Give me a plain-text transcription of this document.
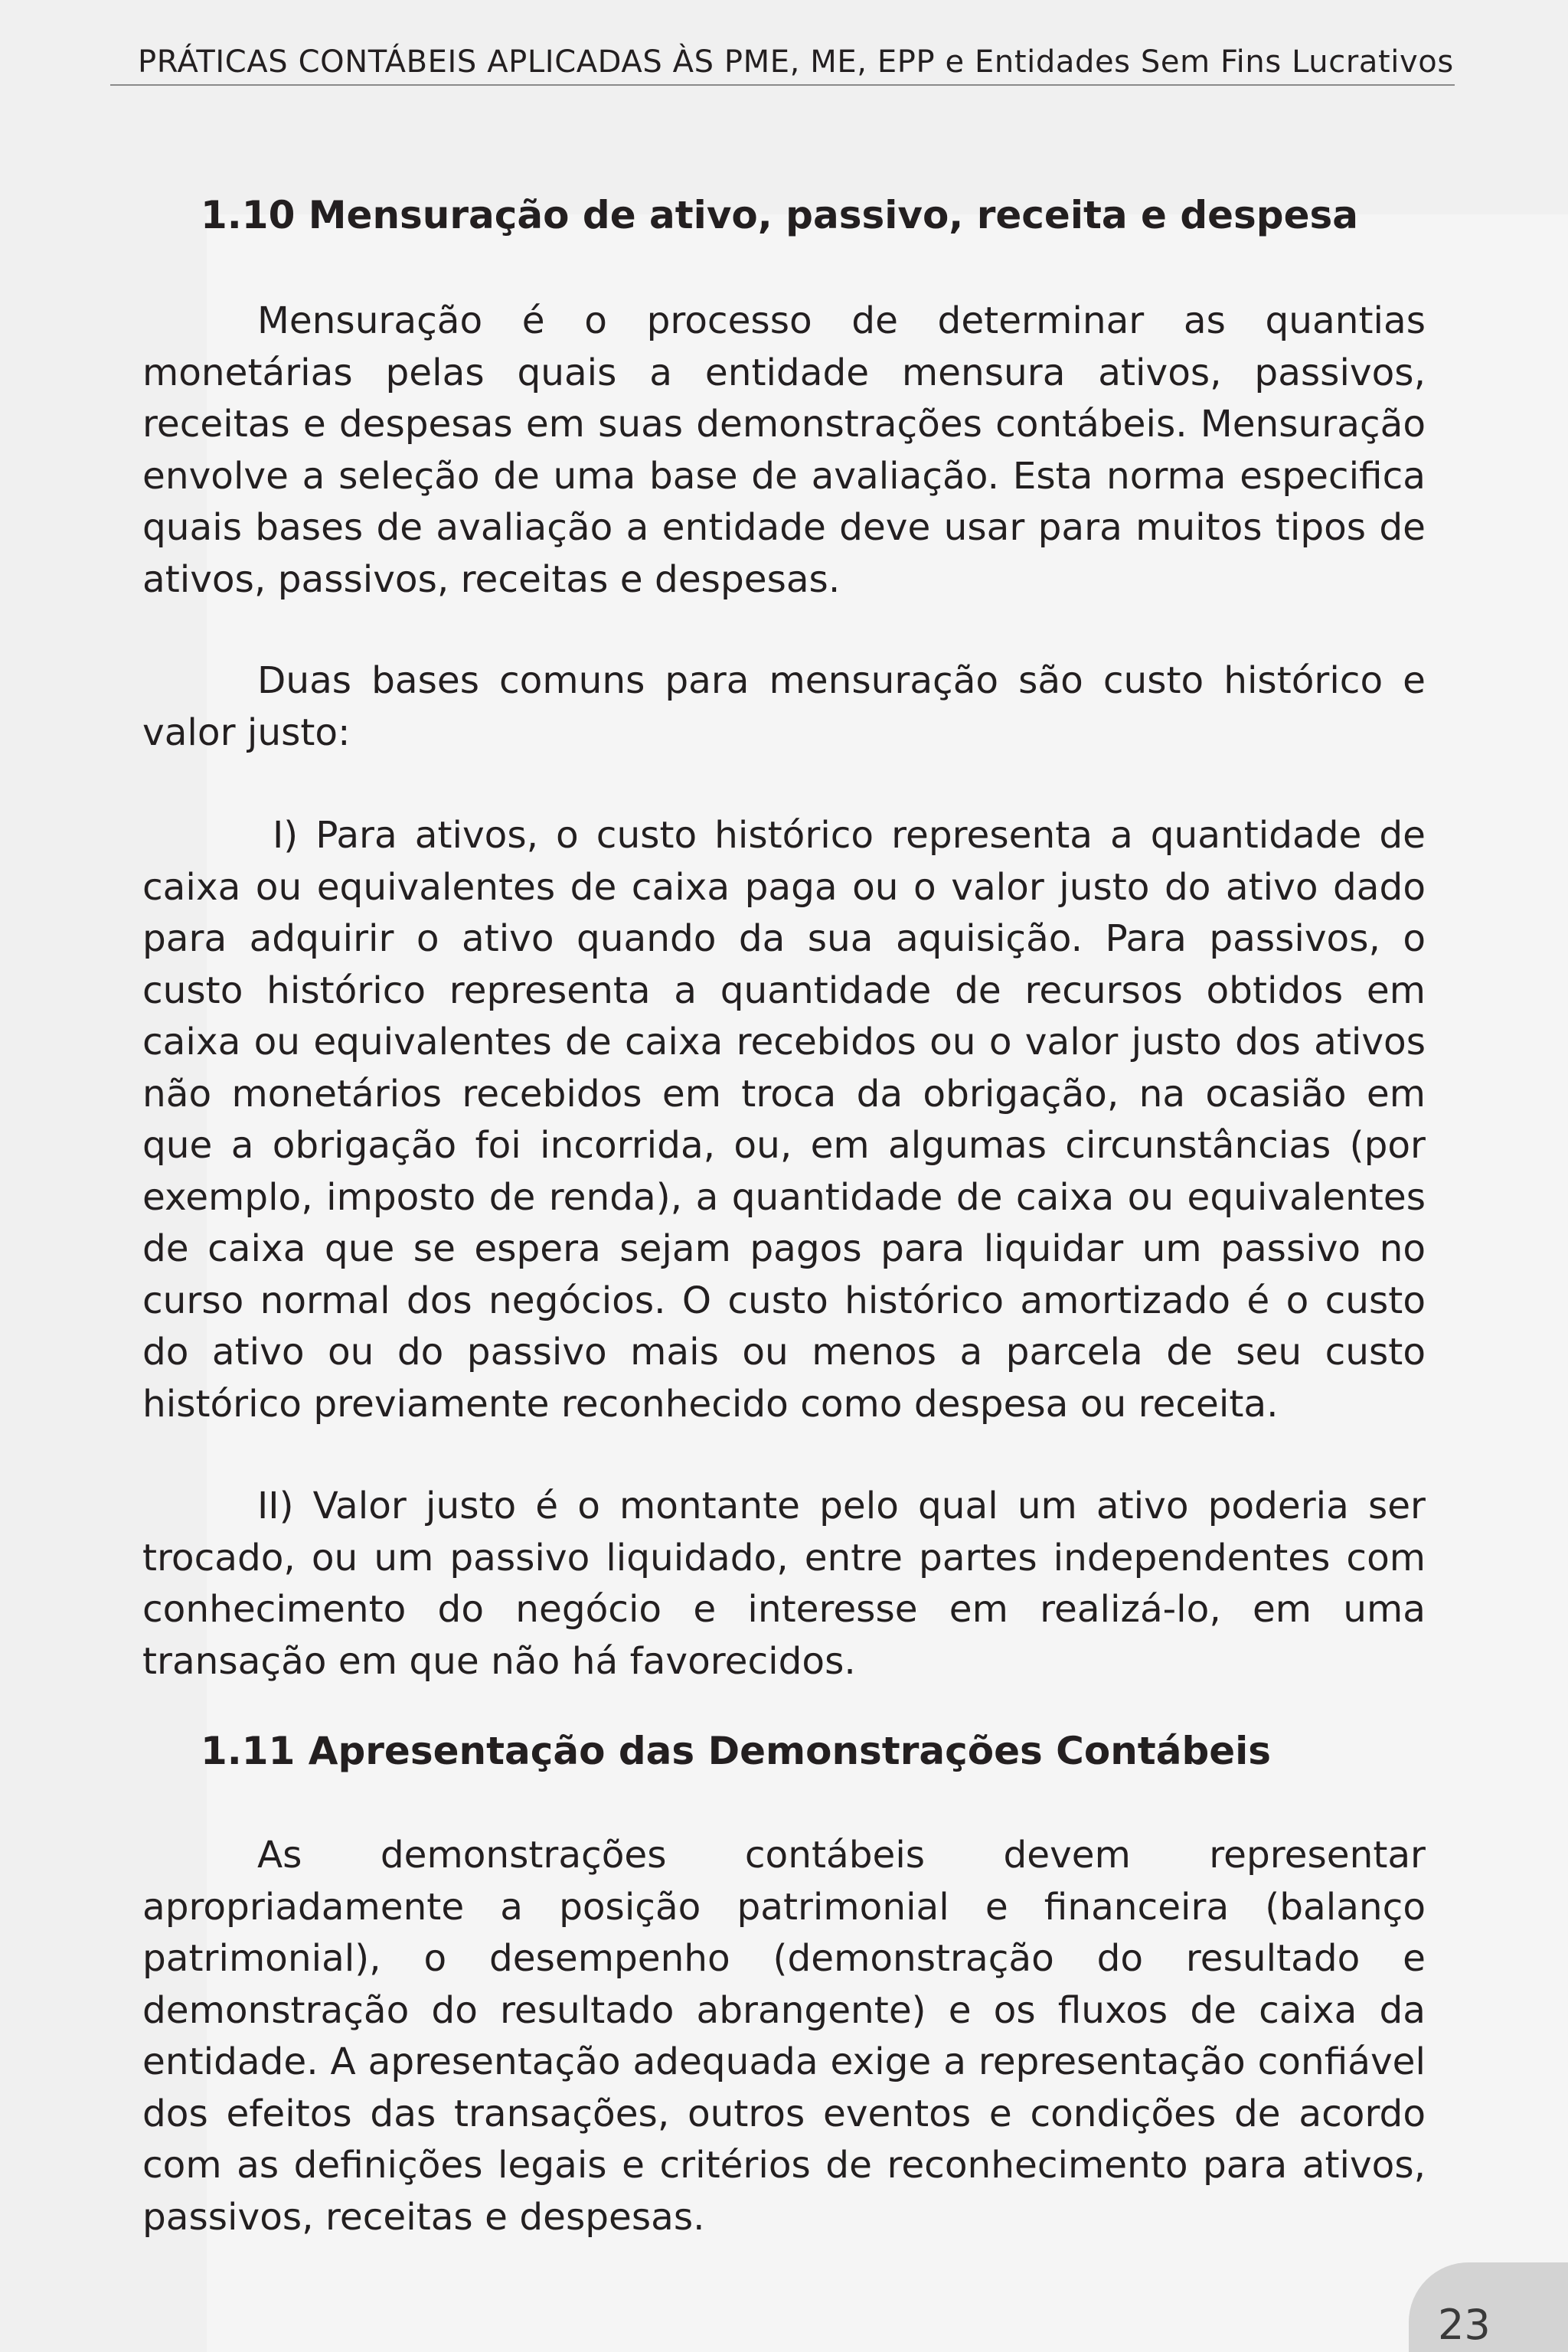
PRÁTICAS CONTÁBEIS APLICADAS ÀS PME, ME, EPP e Entidades Sem Fins Lucrativos
1.10 Mensuração de ativo, passivo, receita e despesa

Mensuração é o processo de determinar as quantias monetárias pelas quais a entidade mensura ativos, passivos, receitas e despesas em suas demonstrações contábeis. Mensuração envolve a seleção de uma base de avaliação. Esta norma especifica quais bases de avaliação a entidade deve usar para muitos tipos de ativos, passivos, receitas e despesas.

Duas bases comuns para mensuração são custo histórico e valor justo:

I) Para ativos, o custo histórico representa a quantidade de caixa ou equivalentes de caixa paga ou o valor justo do ativo dado para adquirir o ativo quando da sua aquisição. Para passivos, o custo histórico representa a quantidade de recursos obtidos em caixa ou equivalentes de caixa recebidos ou o valor justo dos ativos não monetários recebidos em troca da obrigação, na ocasião em que a obrigação foi incorrida, ou, em algumas circunstâncias (por exemplo, imposto de renda), a quantidade de caixa ou equivalentes de caixa que se espera sejam pagos para liquidar um passivo no curso normal dos negócios. O custo histórico amortizado é o custo do ativo ou do passivo mais ou menos a parcela de seu custo histórico previamente reconhecido como despesa ou receita.

II) Valor justo é o montante pelo qual um ativo poderia ser trocado, ou um passivo liquidado, entre partes independentes com conhecimento do negócio e interesse em realizá-lo, em uma transação em que não há favorecidos.

1.11 Apresentação das Demonstrações Contábeis

As demonstrações contábeis devem representar apropriadamente a posição patrimonial e financeira (balanço patrimonial), o desempenho (demonstração do resultado e demonstração do resultado abrangente) e os fluxos de caixa da entidade. A apresentação adequada exige a representação confiável dos efeitos das transações, outros eventos e condições de acordo com as definições legais e critérios de reconhecimento para ativos, passivos, receitas e despesas.

23
